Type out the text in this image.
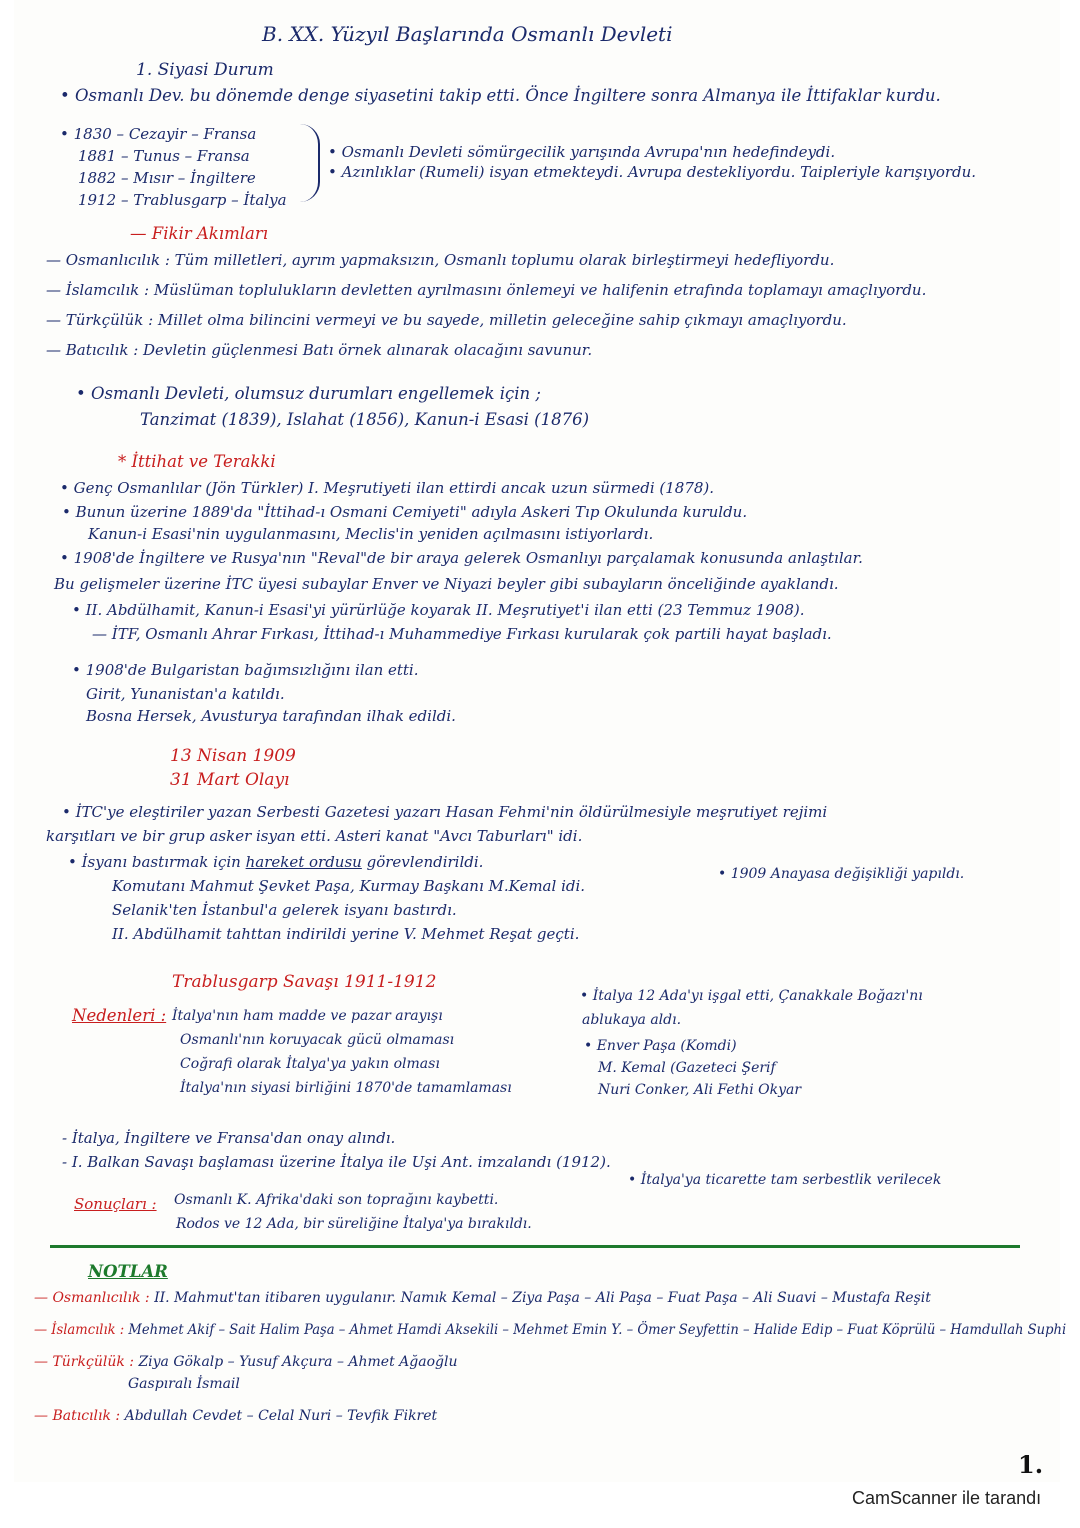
B. XX. Yüzyıl Başlarında Osmanlı Devleti
1. Siyasi Durum
• Osmanlı Dev. bu dönemde denge siyasetini takip etti. Önce İngiltere sonra Almanya ile İttifaklar kurdu.
• 1830 – Cezayir – Fransa
1881 – Tunus – Fransa
1882 – Mısır – İngiltere
1912 – Trablusgarp – İtalya
• Osmanlı Devleti sömürgecilik yarışında Avrupa'nın hedefindeydi.
• Azınlıklar (Rumeli) isyan etmekteydi. Avrupa destekliyordu. Taipleriyle karışıyordu.
— Fikir Akımları
— Osmanlıcılık : Tüm milletleri, ayrım yapmaksızın, Osmanlı toplumu olarak birleştirmeyi hedefliyordu.
— İslamcılık : Müslüman toplulukların devletten ayrılmasını önlemeyi ve halifenin etrafında toplamayı amaçlıyordu.
— Türkçülük : Millet olma bilincini vermeyi ve bu sayede, milletin geleceğine sahip çıkmayı amaçlıyordu.
— Batıcılık : Devletin güçlenmesi Batı örnek alınarak olacağını savunur.
• Osmanlı Devleti, olumsuz durumları engellemek için ;
Tanzimat (1839), Islahat (1856), Kanun-i Esasi (1876)
* İttihat ve Terakki
• Genç Osmanlılar (Jön Türkler) I. Meşrutiyeti ilan ettirdi ancak uzun sürmedi (1878).
• Bunun üzerine 1889'da "İttihad-ı Osmani Cemiyeti" adıyla Askeri Tıp Okulunda kuruldu.
Kanun-i Esasi'nin uygulanmasını, Meclis'in yeniden açılmasını istiyorlardı.
• 1908'de İngiltere ve Rusya'nın "Reval"de bir araya gelerek Osmanlıyı parçalamak konusunda anlaştılar.
Bu gelişmeler üzerine İTC üyesi subaylar Enver ve Niyazi beyler gibi subayların önceliğinde ayaklandı.
• II. Abdülhamit, Kanun-i Esasi'yi yürürlüğe koyarak II. Meşrutiyet'i ilan etti (23 Temmuz 1908).
— İTF, Osmanlı Ahrar Fırkası, İttihad-ı Muhammediye Fırkası kurularak çok partili hayat başladı.
• 1908'de Bulgaristan bağımsızlığını ilan etti.
Girit, Yunanistan'a katıldı.
Bosna Hersek, Avusturya tarafından ilhak edildi.
13 Nisan 1909
31 Mart Olayı
• İTC'ye eleştiriler yazan Serbesti Gazetesi yazarı Hasan Fehmi'nin öldürülmesiyle meşrutiyet rejimi
karşıtları ve bir grup asker isyan etti. Asteri kanat "Avcı Taburları" idi.
• İsyanı bastırmak için hareket ordusu görevlendirildi.
Komutanı Mahmut Şevket Paşa, Kurmay Başkanı M.Kemal idi.
• 1909 Anayasa değişikliği yapıldı.
Selanik'ten İstanbul'a gelerek isyanı bastırdı.
II. Abdülhamit tahttan indirildi yerine V. Mehmet Reşat geçti.
Trablusgarp Savaşı 1911-1912
Nedenleri : İtalya'nın ham madde ve pazar arayışı
Osmanlı'nın koruyacak gücü olmaması
Coğrafi olarak İtalya'ya yakın olması
İtalya'nın siyasi birliğini 1870'de tamamlaması
• İtalya 12 Ada'yı işgal etti, Çanakkale Boğazı'nı
ablukaya aldı.
• Enver Paşa (Komdi)
M. Kemal (Gazeteci Şerif
Nuri Conker, Ali Fethi Okyar
- İtalya, İngiltere ve Fransa'dan onay alındı.
- I. Balkan Savaşı başlaması üzerine İtalya ile Uşi Ant. imzalandı (1912).
Sonuçları : Osmanlı K. Afrika'daki son toprağını kaybetti.
Rodos ve 12 Ada, bir süreliğine İtalya'ya bırakıldı.
• İtalya'ya ticarette tam serbestlik verilecek
NOTLAR
— Osmanlıcılık : II. Mahmut'tan itibaren uygulanır. Namık Kemal – Ziya Paşa – Ali Paşa – Fuat Paşa – Ali Suavi – Mustafa Reşit
— İslamcılık : Mehmet Akif – Sait Halim Paşa – Ahmet Hamdi Aksekili – Mehmet Emin Y. – Ömer Seyfettin – Halide Edip – Fuat Köprülü – Hamdullah Suphi
— Türkçülük : Ziya Gökalp – Yusuf Akçura – Ahmet Ağaoğlu
Gaspıralı İsmail
— Batıcılık : Abdullah Cevdet – Celal Nuri – Tevfik Fikret
1.
CamScanner ile tarandı
